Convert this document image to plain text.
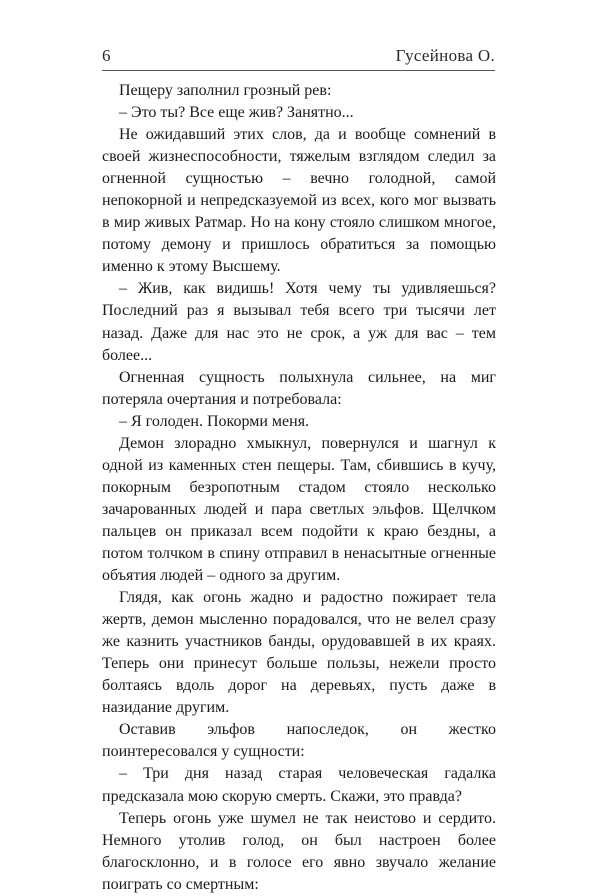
6	Гусейнова О.

Пещеру заполнил грозный рев:

– Это ты? Все еще жив? Занятно...

Не ожидавший этих слов, да и вообще сомнений в своей жизнеспособности, тяжелым взглядом следил за огненной сущностью – вечно голодной, самой непокорной и непредсказуемой из всех, кого мог вызвать в мир живых Ратмар. Но на кону стояло слишком многое, потому демону и пришлось обратиться за помощью именно к этому Высшему.

– Жив, как видишь! Хотя чему ты удивляешься? Последний раз я вызывал тебя всего три тысячи лет назад. Даже для нас это не срок, а уж для вас – тем более...

Огненная сущность полыхнула сильнее, на миг потеряла очертания и потребовала:

– Я голоден. Покорми меня.

Демон злорадно хмыкнул, повернулся и шагнул к одной из каменных стен пещеры. Там, сбившись в кучу, покорным безропотным стадом стояло несколько зачарованных людей и пара светлых эльфов. Щелчком пальцев он приказал всем подойти к краю бездны, а потом толчком в спину отправил в ненасытные огненные объятия людей – одного за другим.

Глядя, как огонь жадно и радостно пожирает тела жертв, демон мысленно порадовался, что не велел сразу же казнить участников банды, орудовавшей в их краях. Теперь они принесут больше пользы, нежели просто болтаясь вдоль дорог на деревьях, пусть даже в назидание другим.

Оставив эльфов напоследок, он жестко поинтересовался у сущности:

– Три дня назад старая человеческая гадалка предсказала мою скорую смерть. Скажи, это правда?

Теперь огонь уже шумел не так неистово и сердито. Немного утолив голод, он был настроен более благосклонно, и в голосе его явно звучало желание поиграть со смертным:
